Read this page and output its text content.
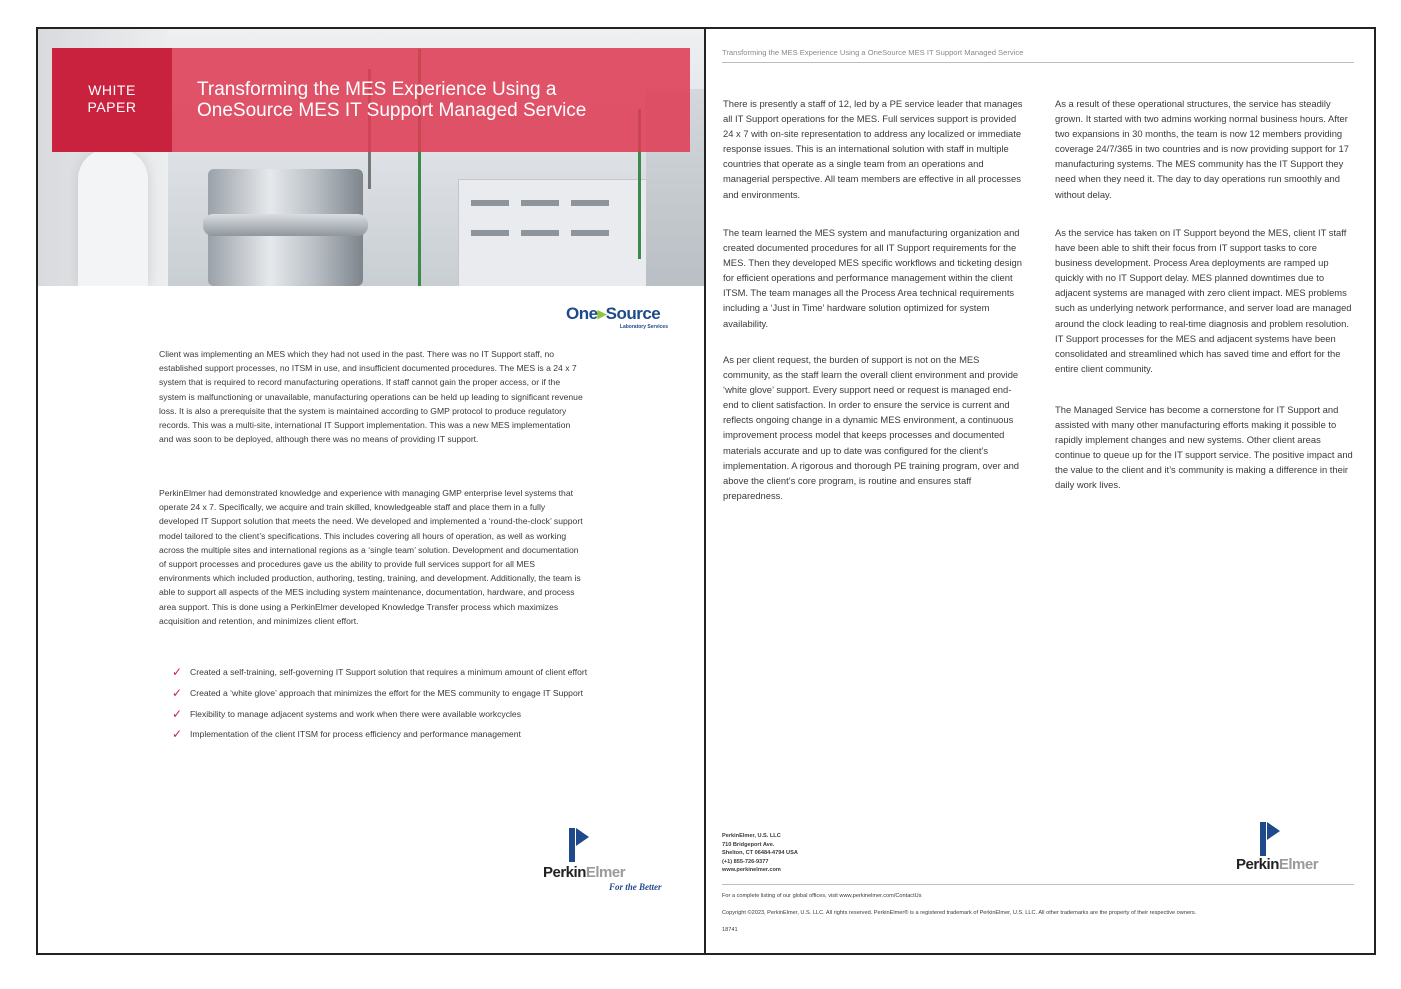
WHITE
PAPER
Transforming the MES Experience Using a
OneSource MES IT Support Managed Service
One▸Source
Laboratory Services

Client was implementing an MES which they had not used in the past. There was no IT Support staff, no established support processes, no ITSM in use, and insufficient documented procedures. The MES is a 24 x 7 system that is required to record manufacturing operations. If staff cannot gain the proper access, or if the system is malfunctioning or unavailable, manufacturing operations can be held up leading to significant revenue loss. It is also a prerequisite that the system is maintained according to GMP protocol to produce regulatory records. This was a multi-site, international IT Support implementation. This was a new MES implementation and was soon to be deployed, although there was no means of providing IT support.

PerkinElmer had demonstrated knowledge and experience with managing GMP enterprise level systems that operate 24 x 7. Specifically, we acquire and train skilled, knowledgeable staff and place them in a fully developed IT Support solution that meets the need. We developed and implemented a ‘round-the-clock’ support model tailored to the client’s specifications. This includes covering all hours of operation, as well as working across the multiple sites and international regions as a ‘single team’ solution. Development and documentation of support processes and procedures gave us the ability to provide full services support for all MES environments which included production, authoring, testing, training, and development. Additionally, the team is able to support all aspects of the MES including system maintenance, documentation, hardware, and process area support. This is done using a PerkinElmer developed Knowledge Transfer process which maximizes acquisition and retention, and minimizes client effort.

✓ Created a self-training, self-governing IT Support solution that requires a minimum amount of client effort
✓ Created a ‘white glove’ approach that minimizes the effort for the MES community to engage IT Support
✓ Flexibility to manage adjacent systems and work when there were available workcycles
✓ Implementation of the client ITSM for process efficiency and performance management
PerkinElmer
For the Better
Transforming the MES Experience Using a OneSource MES IT Support Managed Service

There is presently a staff of 12, led by a PE service leader that manages all IT Support operations for the MES. Full services support is provided 24 x 7 with on-site representation to address any localized or immediate response issues. This is an international solution with staff in multiple countries that operate as a single team from an operations and managerial perspective. All team members are effective in all processes and environments.

The team learned the MES system and manufacturing organization and created documented procedures for all IT Support requirements for the MES. Then they developed MES specific workflows and ticketing design for efficient operations and performance management within the client ITSM. The team manages all the Process Area technical requirements including a ‘Just in Time’ hardware solution optimized for system availability.

As per client request, the burden of support is not on the MES community, as the staff learn the overall client environment and provide ‘white glove’ support. Every support need or request is managed end-end to client satisfaction. In order to ensure the service is current and reflects ongoing change in a dynamic MES environment, a continuous improvement process model that keeps processes and documented materials accurate and up to date was configured for the client’s implementation. A rigorous and thorough PE training program, over and above the client’s core program, is routine and ensures staff preparedness.

As a result of these operational structures, the service has steadily grown. It started with two admins working normal business hours. After two expansions in 30 months, the team is now 12 members providing coverage 24/7/365 in two countries and is now providing support for 17 manufacturing systems. The MES community has the IT Support they need when they need it. The day to day operations run smoothly and without delay.

As the service has taken on IT Support beyond the MES, client IT staff have been able to shift their focus from IT support tasks to core business development. Process Area deployments are ramped up quickly with no IT Support delay. MES planned downtimes due to adjacent systems are managed with zero client impact. MES problems such as underlying network performance, and server load are managed around the clock leading to real-time diagnosis and problem resolution. IT Support processes for the MES and adjacent systems have been consolidated and streamlined which has saved time and effort for the entire client community.

The Managed Service has become a cornerstone for IT Support and assisted with many other manufacturing efforts making it possible to rapidly implement changes and new systems. Other client areas continue to queue up for the IT support service. The positive impact and the value to the client and it’s community is making a difference in their daily work lives.

PerkinElmer, U.S. LLC
710 Bridgeport Ave.
Shelton, CT 06484-4794 USA
(+1) 855-726-9377
www.perkinelmer.com	PerkinElmer
For a complete listing of our global offices, visit www.perkinelmer.com/ContactUs
Copyright ©2023, PerkinElmer, U.S. LLC. All rights reserved. PerkinElmer® is a registered trademark of PerkinElmer, U.S. LLC. All other trademarks are the property of their respective owners.
18741
